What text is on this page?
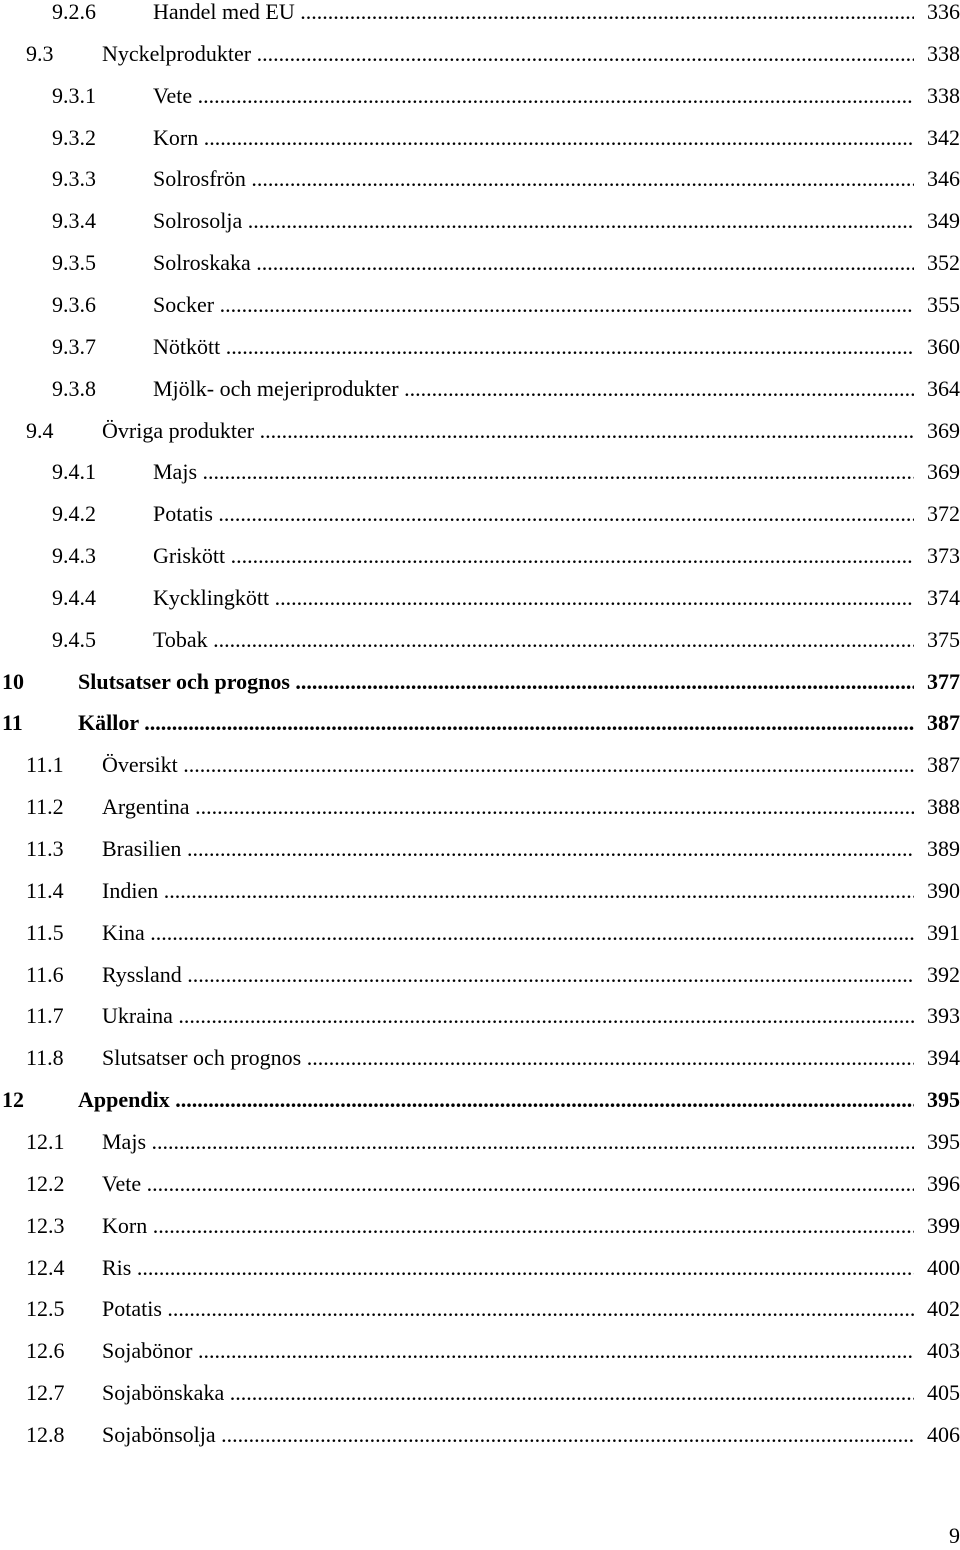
9.2.6	Handel med EU .....	336
9.3 Nyckelprodukter .....	338
9.3.1	Vete .....	338
9.3.2	Korn .....	342
9.3.3	Solrosfrön .....	346
9.3.4	Solrosolja .....	349
9.3.5	Solroskaka .....	352
9.3.6	Socker .....	355
9.3.7	Nötkött .....	360
9.3.8	Mjölk- och mejeriprodukter .....	364
9.4 Övriga produkter .....	369
9.4.1	Majs .....	369
9.4.2	Potatis .....	372
9.4.3	Griskött .....	373
9.4.4	Kycklingkött .....	374
9.4.5	Tobak .....	375
10 Slutsatser och prognos .....	377
11	Källor .....	387
11.1 Översikt .....	387
11.2 Argentina .....	388
11.3 Brasilien .....	389
11.4 Indien .....	390
11.5 Kina .....	391
11.6 Ryssland .....	392
11.7 Ukraina .....	393
11.8 Slutsatser och prognos .....	394
12 Appendix .....	395
12.1 Majs .....	395
12.2 Vete .....	396
12.3 Korn .....	399
12.4 Ris .....	400
12.5 Potatis .....	402
12.6 Sojabönor .....	403
12.7 Sojabönskaka .....	405
12.8 Sojabönsolja .....	406
9
